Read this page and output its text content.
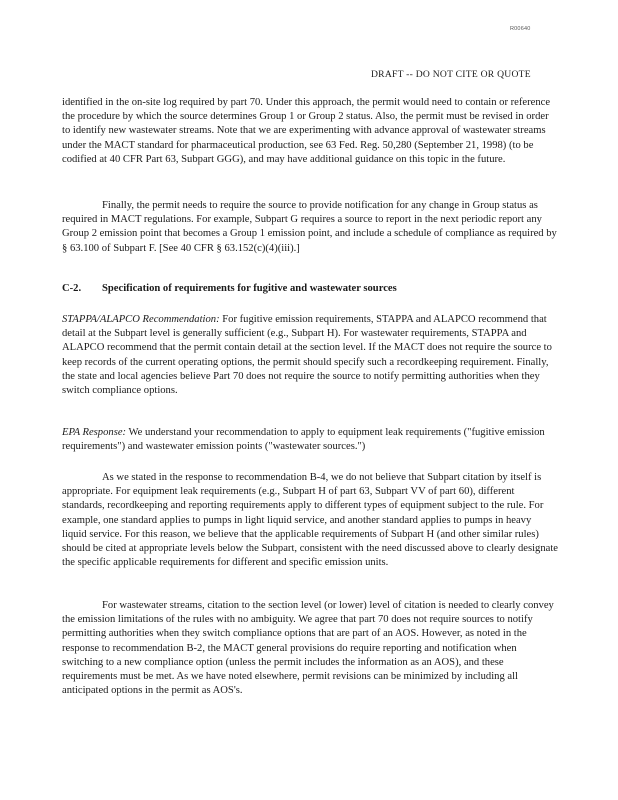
R00640
DRAFT -- DO NOT CITE OR QUOTE

identified in the on-site log required by part 70. Under this approach, the permit would need to contain or reference the procedure by which the source determines Group 1 or Group 2 status. Also, the permit must be revised in order to identify new wastewater streams. Note that we are experimenting with advance approval of wastewater streams under the MACT standard for pharmaceutical production, see 63 Fed. Reg. 50,280 (September 21, 1998) (to be codified at 40 CFR Part 63, Subpart GGG), and may have additional guidance on this topic in the future.

Finally, the permit needs to require the source to provide notification for any change in Group status as required in MACT regulations. For example, Subpart G requires a source to report in the next periodic report any Group 2 emission point that becomes a Group 1 emission point, and include a schedule of compliance as required by § 63.100 of Subpart F. [See 40 CFR § 63.152(c)(4)(iii).]

C-2. Specification of requirements for fugitive and wastewater sources

STAPPA/ALAPCO Recommendation: For fugitive emission requirements, STAPPA and ALAPCO recommend that detail at the Subpart level is generally sufficient (e.g., Subpart H). For wastewater requirements, STAPPA and ALAPCO recommend that the permit contain detail at the section level. If the MACT does not require the source to keep records of the current operating options, the permit should specify such a recordkeeping requirement. Finally, the state and local agencies believe Part 70 does not require the source to notify permitting authorities when they switch compliance options.

EPA Response: We understand your recommendation to apply to equipment leak requirements ("fugitive emission requirements") and wastewater emission points ("wastewater sources.")

As we stated in the response to recommendation B-4, we do not believe that Subpart citation by itself is appropriate. For equipment leak requirements (e.g., Subpart H of part 63, Subpart VV of part 60), different standards, recordkeeping and reporting requirements apply to different types of equipment subject to the rule. For example, one standard applies to pumps in light liquid service, and another standard applies to pumps in heavy liquid service. For this reason, we believe that the applicable requirements of Subpart H (and other similar rules) should be cited at appropriate levels below the Subpart, consistent with the need discussed above to clearly designate the specific applicable requirements for different and specific emission units.

For wastewater streams, citation to the section level (or lower) level of citation is needed to clearly convey the emission limitations of the rules with no ambiguity. We agree that part 70 does not require sources to notify permitting authorities when they switch compliance options that are part of an AOS. However, as noted in the response to recommendation B-2, the MACT general provisions do require reporting and notification when switching to a new compliance option (unless the permit includes the information as an AOS), and these requirements must be met. As we have noted elsewhere, permit revisions can be minimized by including all anticipated options in the permit as AOS's.
